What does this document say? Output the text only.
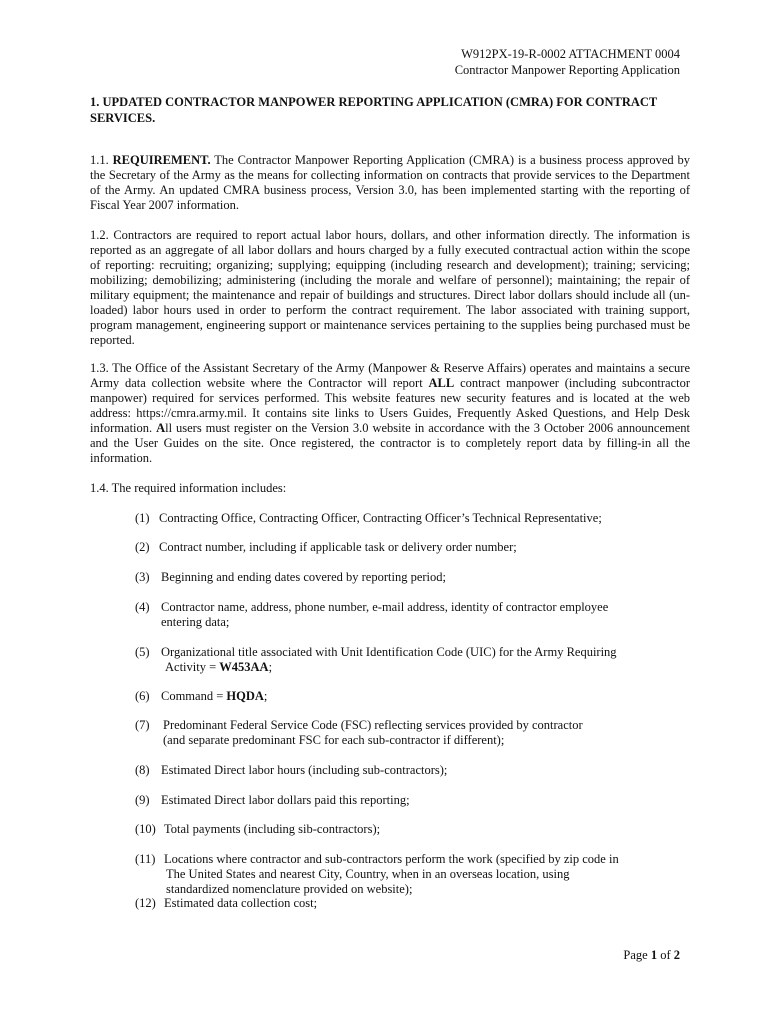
W912PX-19-R-0002 ATTACHMENT 0004
Contractor Manpower Reporting Application
1. UPDATED CONTRACTOR MANPOWER REPORTING APPLICATION (CMRA) FOR CONTRACT SERVICES.
1.1. REQUIREMENT. The Contractor Manpower Reporting Application (CMRA) is a business process approved by the Secretary of the Army as the means for collecting information on contracts that provide services to the Department of the Army. An updated CMRA business process, Version 3.0, has been implemented starting with the reporting of Fiscal Year 2007 information.
1.2. Contractors are required to report actual labor hours, dollars, and other information directly. The information is reported as an aggregate of all labor dollars and hours charged by a fully executed contractual action within the scope of reporting: recruiting; organizing; supplying; equipping (including research and development); training; servicing; mobilizing; demobilizing; administering (including the morale and welfare of personnel); maintaining; the repair of military equipment; the maintenance and repair of buildings and structures. Direct labor dollars should include all (un-loaded) labor hours used in order to perform the contract requirement. The labor associated with training support, program management, engineering support or maintenance services pertaining to the supplies being purchased must be reported.
1.3. The Office of the Assistant Secretary of the Army (Manpower & Reserve Affairs) operates and maintains a secure Army data collection website where the Contractor will report ALL contract manpower (including subcontractor manpower) required for services performed. This website features new security features and is located at the web address: https://cmra.army.mil. It contains site links to Users Guides, Frequently Asked Questions, and Help Desk information. All users must register on the Version 3.0 website in accordance with the 3 October 2006 announcement and the User Guides on the site. Once registered, the contractor is to completely report data by filling-in all the information.
1.4. The required information includes:
(1) Contracting Office, Contracting Officer, Contracting Officer’s Technical Representative;
(2) Contract number, including if applicable task or delivery order number;
(3) Beginning and ending dates covered by reporting period;
(4) Contractor name, address, phone number, e-mail address, identity of contractor employee
entering data;
(5) Organizational title associated with Unit Identification Code (UIC) for the Army Requiring
Activity = W453AA;
(6) Command = HQDA;
(7) Predominant Federal Service Code (FSC) reflecting services provided by contractor
(and separate predominant FSC for each sub-contractor if different);
(8) Estimated Direct labor hours (including sub-contractors);
(9) Estimated Direct labor dollars paid this reporting;
(10) Total payments (including sib-contractors);
(11) Locations where contractor and sub-contractors perform the work (specified by zip code in
The United States and nearest City, Country, when in an overseas location, using
standardized nomenclature provided on website);
(12) Estimated data collection cost;
Page 1 of 2
